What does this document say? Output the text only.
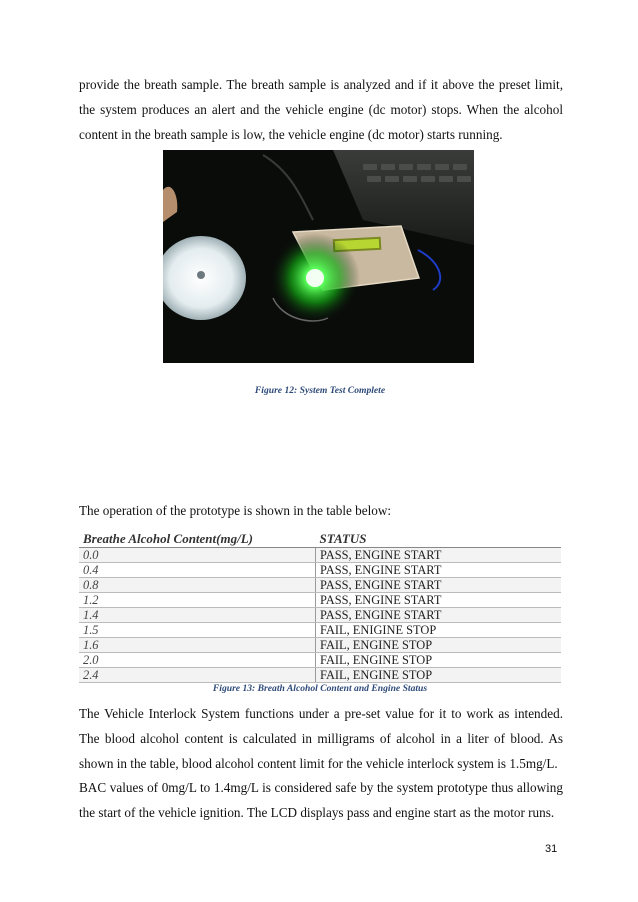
provide the breath sample. The breath sample is analyzed and if it above the preset limit, the system produces an alert and the vehicle engine (dc motor) stops. When the alcohol content in the breath sample is low, the vehicle engine (dc motor) starts running.

Figure 12: System Test Complete

The operation of the prototype is shown in the table below:

Breathe Alcohol Content(mg/L)	STATUS
0.0	PASS, ENGINE START
0.4	PASS, ENGINE START
0.8	PASS, ENGINE START
1.2	PASS, ENGINE START
1.4	PASS, ENGINE START
1.5	FAIL, ENIGINE STOP
1.6	FAIL, ENGINE STOP
2.0	FAIL, ENGINE STOP
2.4	FAIL, ENGINE STOP
Figure 13: Breath Alcohol Content and Engine Status

The Vehicle Interlock System functions under a pre-set value for it to work as intended. The blood alcohol content is calculated in milligrams of alcohol in a liter of blood. As shown in the table, blood alcohol content limit for the vehicle interlock system is 1.5mg/L.

BAC values of 0mg/L to 1.4mg/L is considered safe by the system prototype thus allowing the start of the vehicle ignition. The LCD displays pass and engine start as the motor runs.

31
